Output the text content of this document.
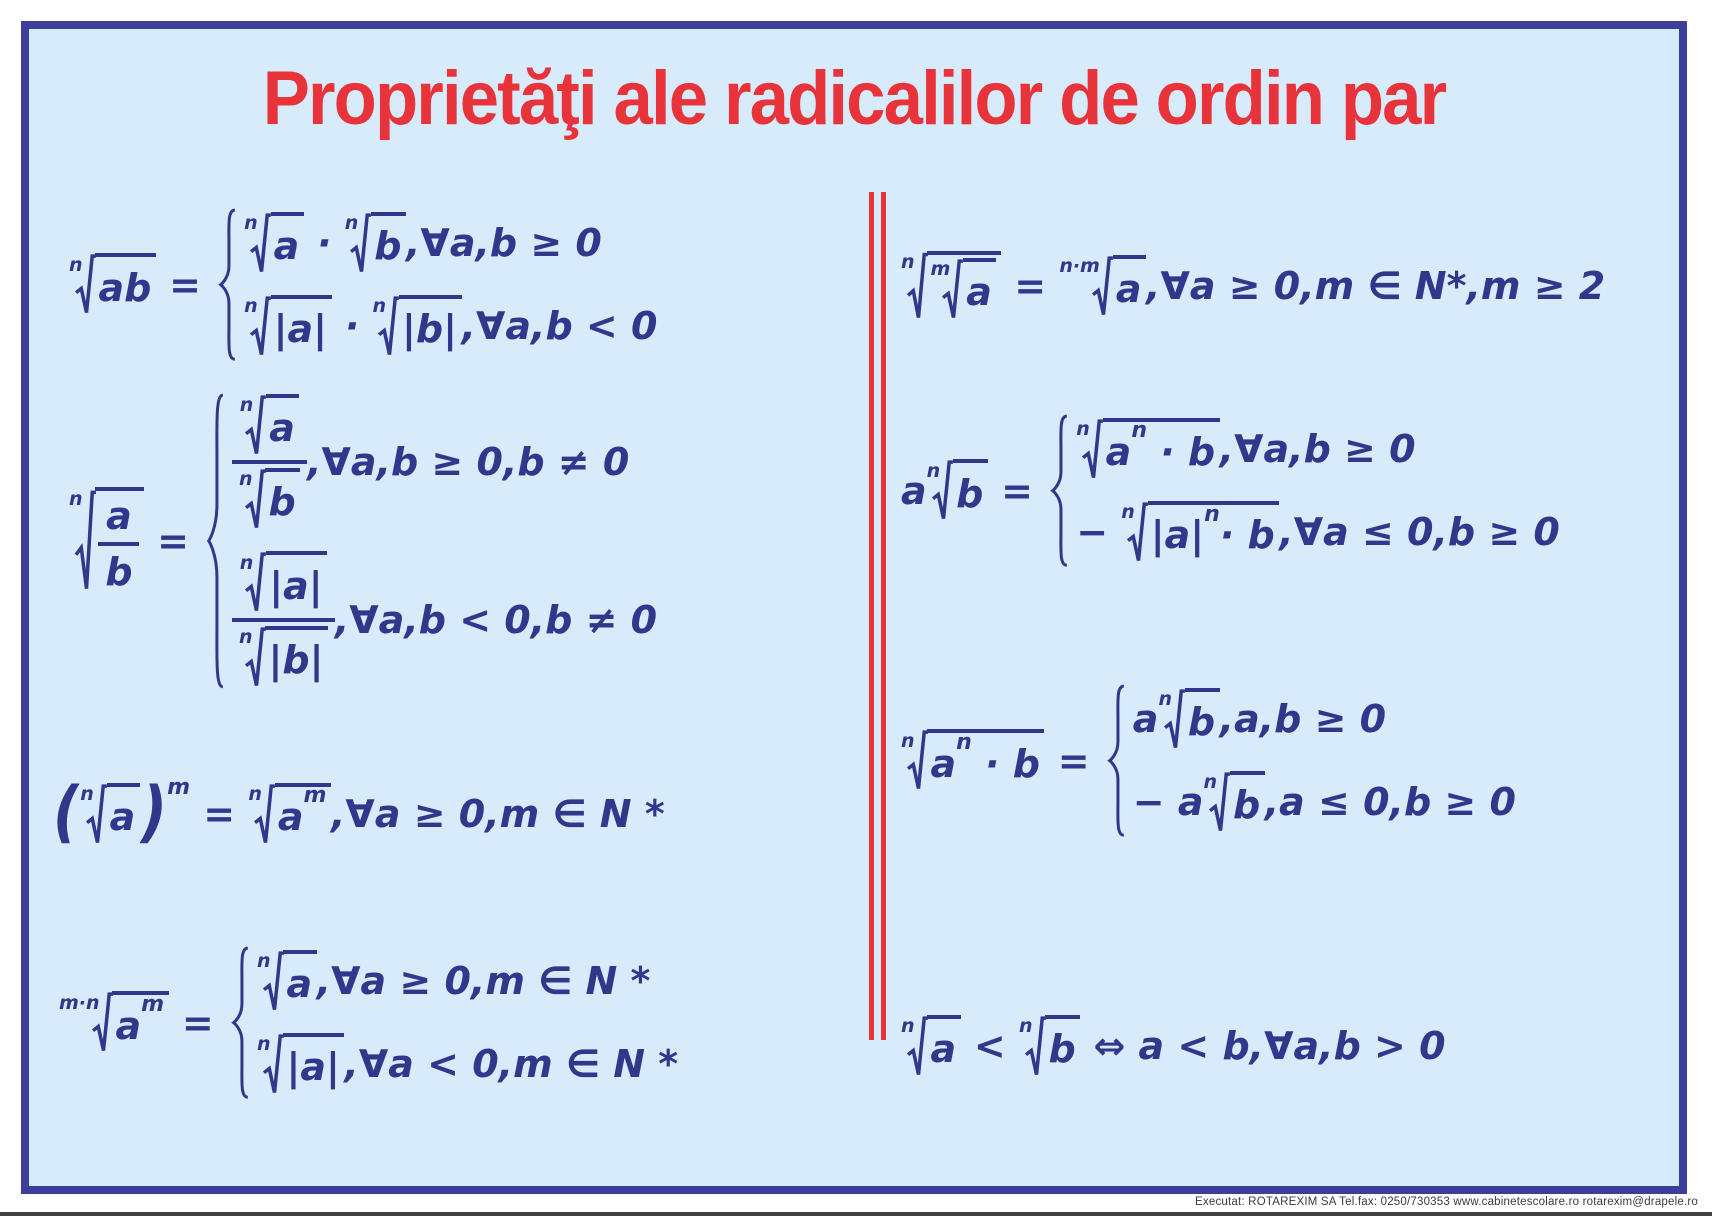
Proprietăţi ale radicalilor de ordin par
n
ab =
n
a · n
b ,∀a,b ≥ 0
n
|a| · n
|b| ,∀a,b < 0
n $\frac{a}{b}$ =
n
a
n
b ,∀a,b ≥ 0,b ≠ 0
n
|a|
n
|b| ,∀a,b < 0,b ≠ 0
( n
a ) m
= n
a m ,∀a ≥ 0,m ∈ N *
m·n
a m =
n
a ,∀a ≥ 0,m ∈ N *
n
|a| ,∀a < 0,m ∈ N *
n m
a = n·m
a ,∀a ≥ 0,m ∈ N*,m ≥ 2
a n
b =
n
a n · b ,∀a,b ≥ 0
− n
|a| n · b ,∀a ≤ 0,b ≥ 0
n
a n · b =
a n
b ,a,b ≥ 0
− a n
b ,a ≤ 0,b ≥ 0
n
a < n
b ⇔ a < b,∀a,b > 0
Executat: ROTAREXIM SA Tel.fax: 0250/730353 www.cabinetescolare.ro rotarexim@drapele.ro
